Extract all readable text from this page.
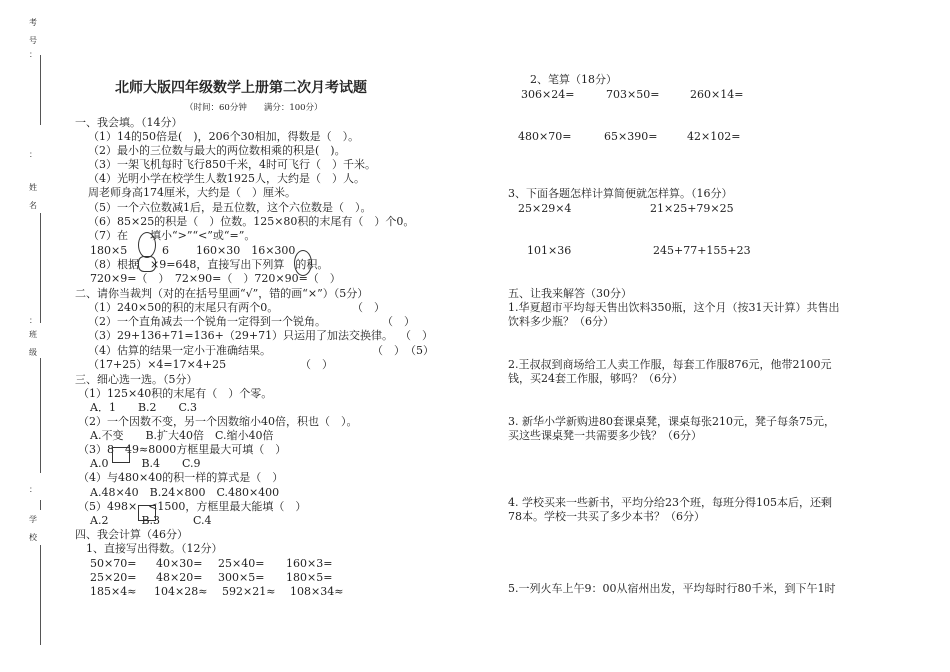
考
号
：
姓
名
：
班
级
：
学
校
：
北师大版四年级数学上册第二次月考试题
（时间：60分钟　　满分：100分）
一、我会填。（14分）
（1）14的50倍是(　)，206个30相加，得数是（　）。
（2）最小的三位数与最大的两位数相乘的积是(　)。
（3）一架飞机每时飞行850千米，4时可飞行（　）千米。
（4）光明小学在校学生人数1925人，大约是（　）人。
周老师身高174厘米，大约是（　）厘米。
（5）一个六位数减1后，是五位数，这个六位数是（　）。
（6）85×25的积是（　）位数。125×80积的末尾有（　）个0。
（7）在　　填小“>”“<”或“=”。
180×5	6 160×30　16×300
（8）根据　×9=648，直接写出下列算　的积。
720×9=（　）　72×90=（　）720×90=（　）
二、请你当裁判（对的在括号里画“√”，错的画“×”）（5分）
（1）240×50的积的末尾只有两个0。	（　）
（2）一个直角减去一个锐角一定得到一个锐角。	（　）
（3）29+136+71=136+（29+71）只运用了加法交换律。 （　）
（4）估算的结果一定小于准确结果。	（　）　（5）
（17+25）×4=17×4+25	（　）
三、细心选一选。（5分）
（1）125×40积的末尾有（　）个零。
A．1　　B.2　　C.3
（2）一个因数不变，另一个因数缩小40倍，积也（　）。
A.不变　　B.扩大40倍　C.缩小40倍
（3）8　49≈8000方框里最大可填（　）
A.0　　　B.4　　C.9
（4）与480×40的积一样的算式是（　）
A.48×40　B.24×800　C.480×400
（5）498×　<1500，方框里最大能填（　）
A.2　　　B.3　　　C.4
四、我会计算（46分）
1、直接写出得数。（12分）
50×70= 40×30= 25×40= 160×3=
25×20= 48×20= 300×5= 180×5=
185×4≈ 104×28≈ 592×21≈ 108×34≈
2、笔算（18分）
306×24=	703×50=	260×14=
480×70=	65×390=	42×102=
3、下面各题怎样计算简便就怎样算。（16分）
25×29×4	21×25+79×25
101×36	245+77+155+23
五、让我来解答（30分）
1.华夏超市平均每天售出饮料350瓶，这个月（按31天计算）共售出
饮料多少瓶？（6分）
2.王叔叔到商场给工人卖工作服，每套工作服876元，他带2100元
钱，买24套工作服，够吗？（6分）
3. 新华小学新购进80套课桌凳，课桌每张210元，凳子每条75元，
买这些课桌凳一共需要多少钱？（6分）
4. 学校买来一些新书，平均分给23个班，每班分得105本后，还剩
78本。学校一共买了多少本书？（6分）
5.一列火车上午9：00从宿州出发，平均每时行80千米，到下午1时
